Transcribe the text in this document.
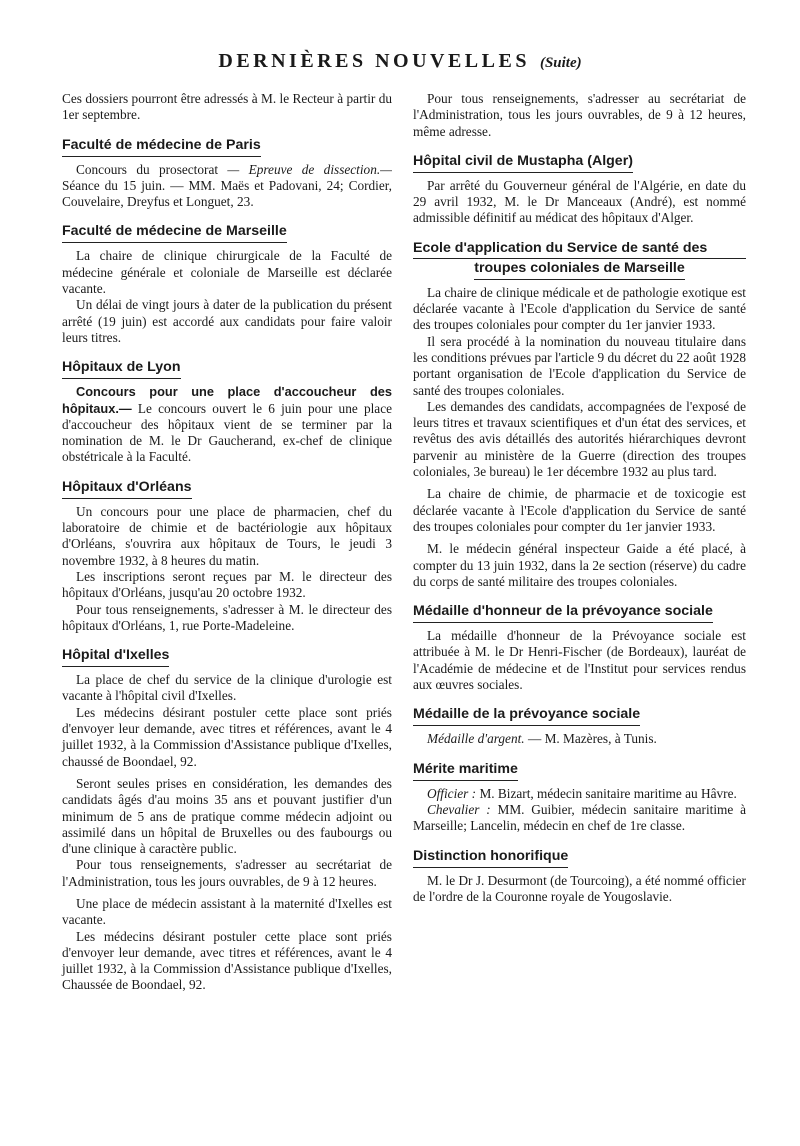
DERNIÈRES NOUVELLES (Suite)

Ces dossiers pourront être adressés à M. le Recteur à partir du 1er septembre.

Faculté de médecine de Paris

Concours du prosectorat — Epreuve de dissection.— Séance du 15 juin. — MM. Maës et Padovani, 24; Cordier, Couvelaire, Dreyfus et Longuet, 23.

Faculté de médecine de Marseille

La chaire de clinique chirurgicale de la Faculté de médecine générale et coloniale de Marseille est déclarée vacante.

Un délai de vingt jours à dater de la publication du présent arrêté (19 juin) est accordé aux candidats pour faire valoir leurs titres.

Hôpitaux de Lyon

Concours pour une place d'accoucheur des hôpitaux.— Le concours ouvert le 6 juin pour une place d'accoucheur des hôpitaux vient de se terminer par la nomination de M. le Dr Gaucherand, ex-chef de clinique obstétricale à la Faculté.

Hôpitaux d'Orléans

Un concours pour une place de pharmacien, chef du laboratoire de chimie et de bactériologie aux hôpitaux d'Orléans, s'ouvrira aux hôpitaux de Tours, le jeudi 3 novembre 1932, à 8 heures du matin.

Les inscriptions seront reçues par M. le directeur des hôpitaux d'Orléans, jusqu'au 20 octobre 1932.

Pour tous renseignements, s'adresser à M. le directeur des hôpitaux d'Orléans, 1, rue Porte-Madeleine.

Hôpital d'Ixelles

La place de chef du service de la clinique d'urologie est vacante à l'hôpital civil d'Ixelles.

Les médecins désirant postuler cette place sont priés d'envoyer leur demande, avec titres et références, avant le 4 juillet 1932, à la Commission d'Assistance publique d'Ixelles, chaussé de Boondael, 92.

Seront seules prises en considération, les demandes des candidats âgés d'au moins 35 ans et pouvant justifier d'un minimum de 5 ans de pratique comme médecin adjoint ou assimilé dans un hôpital de Bruxelles ou des faubourgs ou d'une clinique à caractère public.

Pour tous renseignements, s'adresser au secrétariat de l'Administration, tous les jours ouvrables, de 9 à 12 heures.

Une place de médecin assistant à la maternité d'Ixelles est vacante.

Les médecins désirant postuler cette place sont priés d'envoyer leur demande, avec titres et références, avant le 4 juillet 1932, à la Commission d'Assistance publique d'Ixelles, Chaussée de Boondael, 92.

Pour tous renseignements, s'adresser au secrétariat de l'Administration, tous les jours ouvrables, de 9 à 12 heures, même adresse.

Hôpital civil de Mustapha (Alger)

Par arrêté du Gouverneur général de l'Algérie, en date du 29 avril 1932, M. le Dr Manceaux (André), est nommé admissible définitif au médicat des hôpitaux d'Alger.

Ecole d'application du Service de santé des
troupes coloniales de Marseille

La chaire de clinique médicale et de pathologie exotique est déclarée vacante à l'Ecole d'application du Service de santé des troupes coloniales pour compter du 1er janvier 1933.

Il sera procédé à la nomination du nouveau titulaire dans les conditions prévues par l'article 9 du décret du 22 août 1928 portant organisation de l'Ecole d'application du Service de santé des troupes coloniales.

Les demandes des candidats, accompagnées de l'exposé de leurs titres et travaux scientifiques et d'un état des services, et revêtus des avis détaillés des autorités hiérarchiques devront parvenir au ministère de la Guerre (direction des troupes coloniales, 3e bureau) le 1er décembre 1932 au plus tard.

La chaire de chimie, de pharmacie et de toxicogie est déclarée vacante à l'Ecole d'application du Service de santé des troupes coloniales pour compter du 1er janvier 1933.

M. le médecin général inspecteur Gaide a été placé, à compter du 13 juin 1932, dans la 2e section (réserve) du cadre du corps de santé militaire des troupes coloniales.

Médaille d'honneur de la prévoyance sociale

La médaille d'honneur de la Prévoyance sociale est attribuée à M. le Dr Henri-Fischer (de Bordeaux), lauréat de l'Académie de médecine et de l'Institut pour services rendus aux œuvres sociales.

Médaille de la prévoyance sociale

Médaille d'argent. — M. Mazères, à Tunis.

Mérite maritime

Officier : M. Bizart, médecin sanitaire maritime au Hâvre.

Chevalier : MM. Guibier, médecin sanitaire maritime à Marseille; Lancelin, médecin en chef de 1re classe.

Distinction honorifique

M. le Dr J. Desurmont (de Tourcoing), a été nommé officier de l'ordre de la Couronne royale de Yougoslavie.
